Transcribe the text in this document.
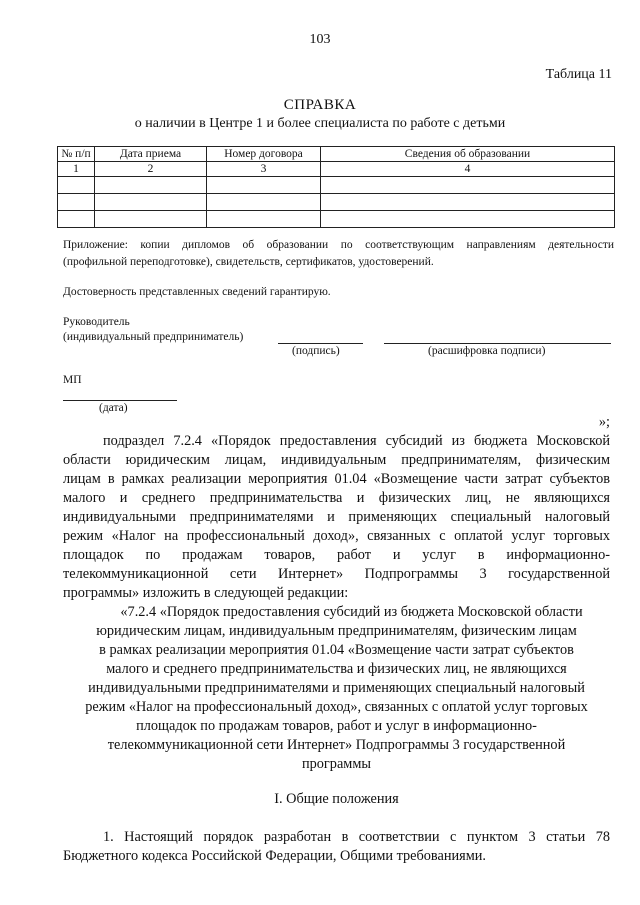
103
Таблица 11
СПРАВКА
о наличии в Центре 1 и более специалиста по работе с детьми
№ п/п	Дата приема	Номер договора	Сведения об образовании
1	2	3	4

Приложение: копии дипломов об образовании по соответствующим направлениям деятельности
(профильной переподготовке), свидетельств, сертификатов, удостоверений.
Достоверность представленных сведений гарантирую.
Руководитель
(индивидуальный предприниматель)
(подпись)	(расшифровка подписи)
МП
(дата)
»;
подраздел 7.2.4 «Порядок предоставления субсидий из бюджета Московской
области юридическим лицам, индивидуальным предпринимателям, физическим
лицам в рамках реализации мероприятия 01.04 «Возмещение части затрат субъектов
малого и среднего предпринимательства и физических лиц, не являющихся
индивидуальными предпринимателями и применяющих специальный налоговый
режим «Налог на профессиональный доход», связанных с оплатой услуг торговых
площадок по продажам товаров, работ и услуг в информационно-
телекоммуникационной сети Интернет» Подпрограммы 3 государственной
программы» изложить в следующей редакции:
«7.2.4 «Порядок предоставления субсидий из бюджета Московской области
юридическим лицам, индивидуальным предпринимателям, физическим лицам
в рамках реализации мероприятия 01.04 «Возмещение части затрат субъектов
малого и среднего предпринимательства и физических лиц, не являющихся
индивидуальными предпринимателями и применяющих специальный налоговый
режим «Налог на профессиональный доход», связанных с оплатой услуг торговых
площадок по продажам товаров, работ и услуг в информационно-
телекоммуникационной сети Интернет» Подпрограммы 3 государственной
программы
I. Общие положения
1. Настоящий порядок разработан в соответствии с пунктом 3 статьи 78
Бюджетного кодекса Российской Федерации, Общими требованиями.
